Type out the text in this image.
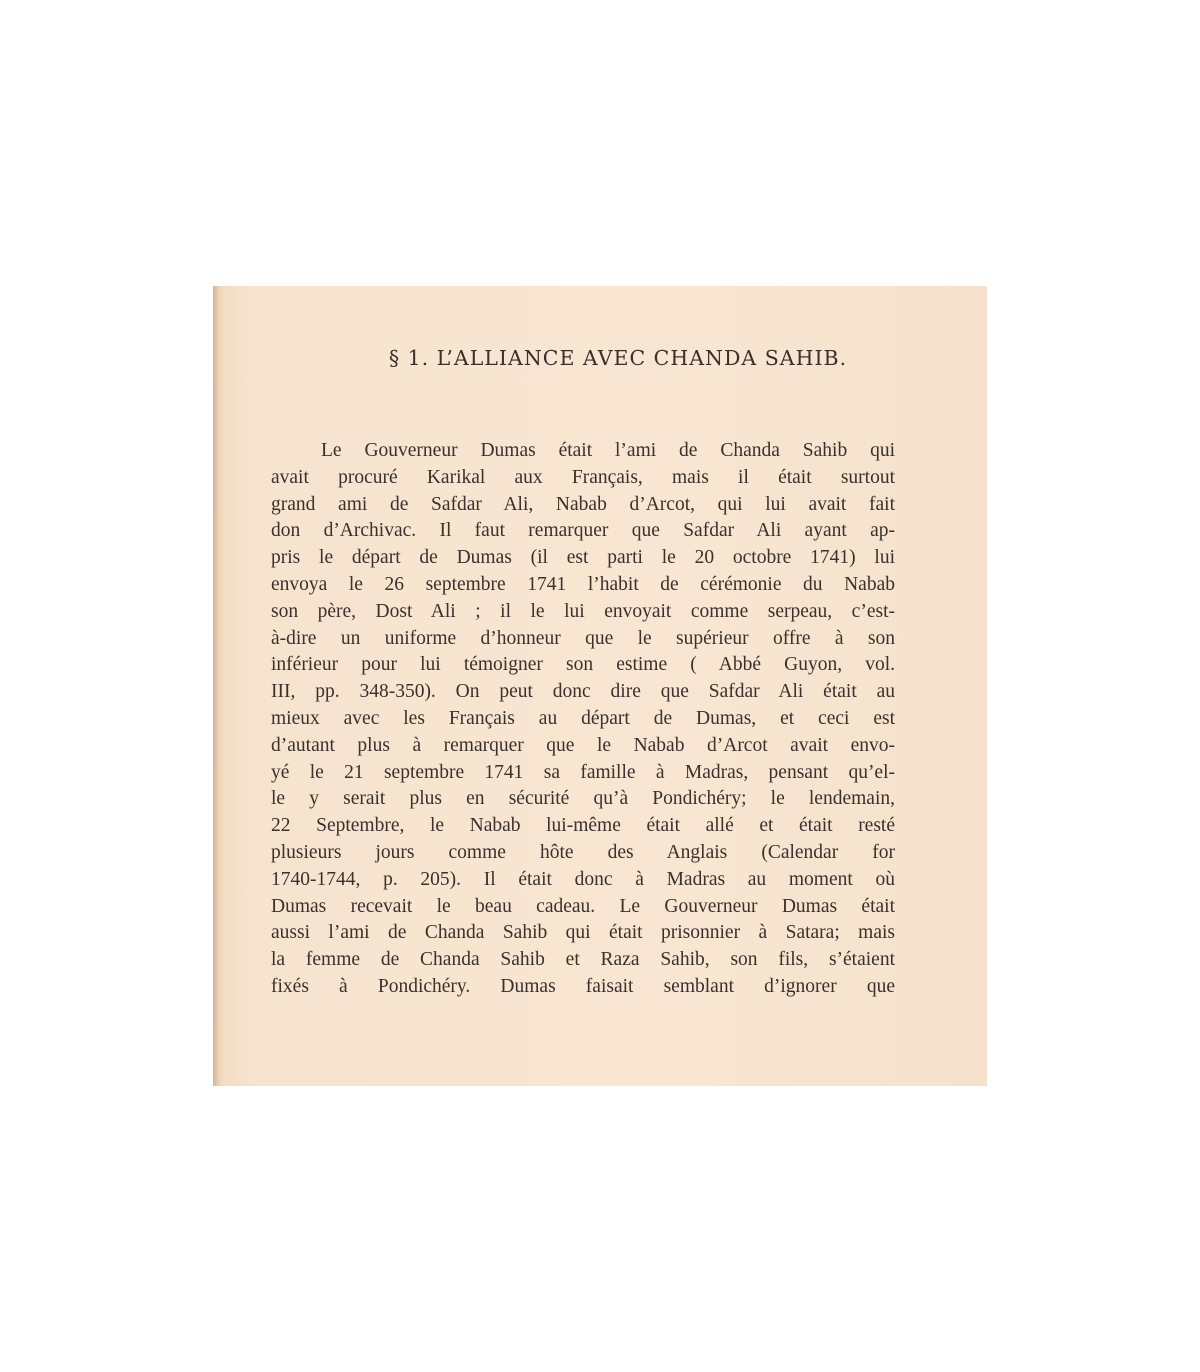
§ 1. L’ALLIANCE AVEC CHANDA SAHIB.
Le Gouverneur Dumas était l’ami de Chanda Sahib qui
avait procuré Karikal aux Français, mais il était surtout
grand ami de Safdar Ali, Nabab d’Arcot, qui lui avait fait
don d’Archivac. Il faut remarquer que Safdar Ali ayant ap-
pris le départ de Dumas (il est parti le 20 octobre 1741) lui
envoya le 26 septembre 1741 l’habit de cérémonie du Nabab
son père, Dost Ali ; il le lui envoyait comme serpeau, c’est-
à-dire un uniforme d’honneur que le supérieur offre à son
inférieur pour lui témoigner son estime ( Abbé Guyon, vol.
III, pp. 348-350). On peut donc dire que Safdar Ali était au
mieux avec les Français au départ de Dumas, et ceci est
d’autant plus à remarquer que le Nabab d’Arcot avait envo-
yé le 21 septembre 1741 sa famille à Madras, pensant qu’el-
le y serait plus en sécurité qu’à Pondichéry; le lendemain,
22 Septembre, le Nabab lui-même était allé et était resté
plusieurs jours comme hôte des Anglais (Calendar for
1740-1744, p. 205). Il était donc à Madras au moment où
Dumas recevait le beau cadeau. Le Gouverneur Dumas était
aussi l’ami de Chanda Sahib qui était prisonnier à Satara; mais
la femme de Chanda Sahib et Raza Sahib, son fils, s’étaient
fixés à Pondichéry. Dumas faisait semblant d’ignorer que
